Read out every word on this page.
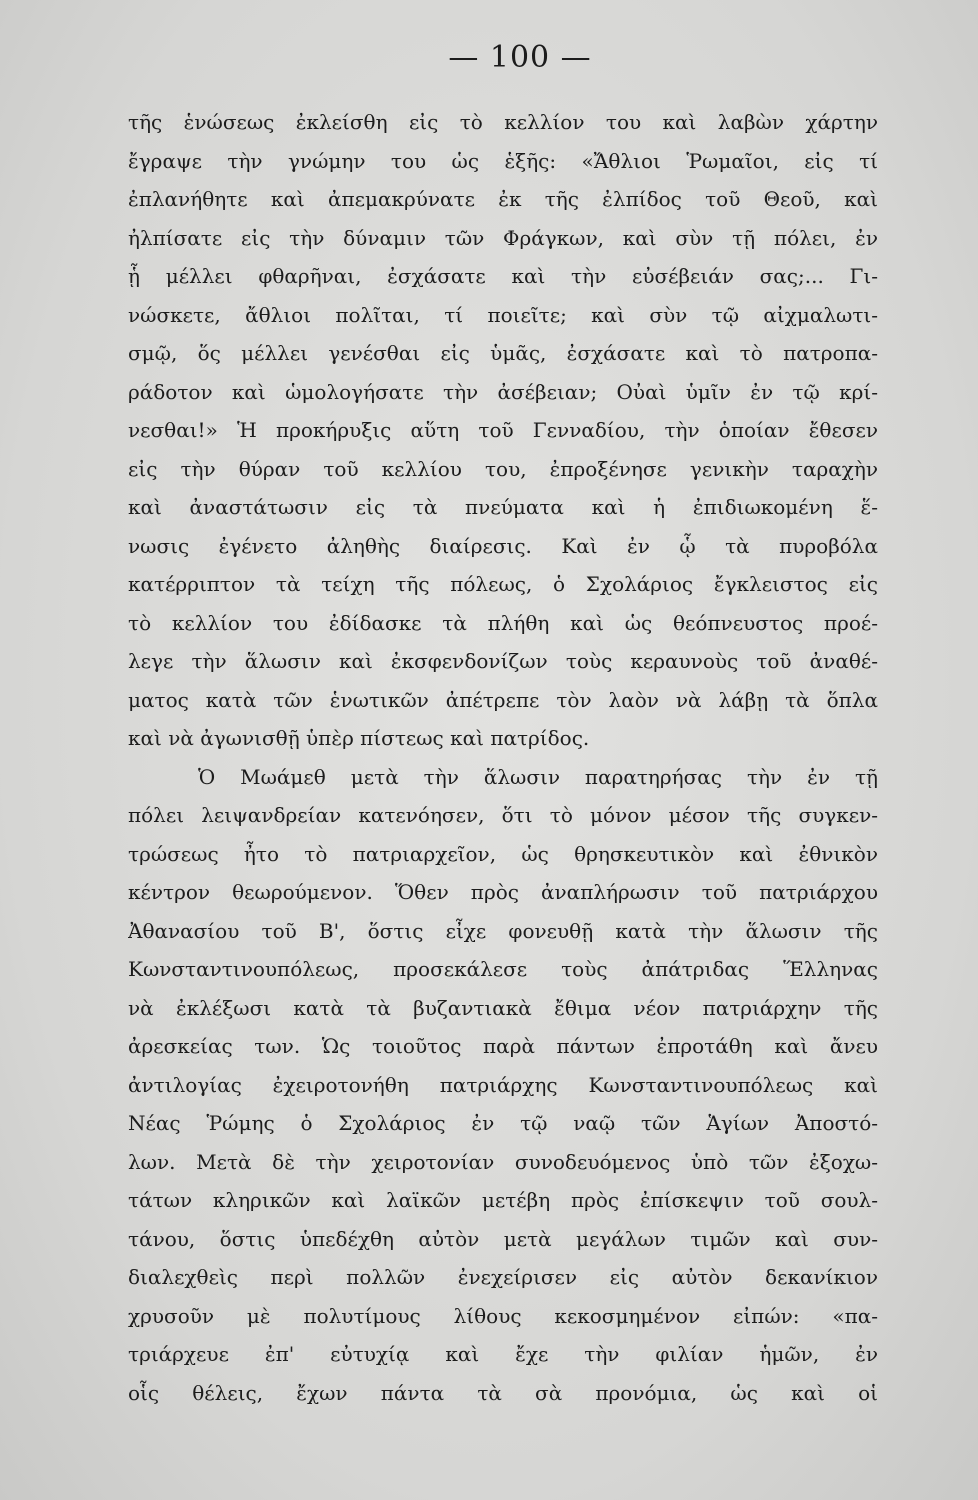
— 100 —
τῆς ἑνώσεως ἐκλείσθη εἰς τὸ κελλίον του καὶ λαβὼν χάρτην
ἔγραψε τὴν γνώμην του ὡς ἑξῆς: «Ἄθλιοι Ῥωμαῖοι, εἰς τί
ἐπλανήθητε καὶ ἀπεμακρύνατε ἐκ τῆς ἐλπίδος τοῦ Θεοῦ, καὶ
ἠλπίσατε εἰς τὴν δύναμιν τῶν Φράγκων, καὶ σὺν τῇ πόλει, ἐν
ᾗ μέλλει φθαρῆναι, ἐσχάσατε καὶ τὴν εὐσέβειάν σας;... Γι-
νώσκετε, ἄθλιοι πολῖται, τί ποιεῖτε; καὶ σὺν τῷ αἰχμαλωτι-
σμῷ, ὅς μέλλει γενέσθαι εἰς ὑμᾶς, ἐσχάσατε καὶ τὸ πατροπα-
ράδοτον καὶ ὡμολογήσατε τὴν ἀσέβειαν; Οὐαὶ ὑμῖν ἐν τῷ κρί-
νεσθαι!» Ἡ προκήρυξις αὕτη τοῦ Γενναδίου, τὴν ὁποίαν ἔθεσεν
εἰς τὴν θύραν τοῦ κελλίου του, ἐπροξένησε γενικὴν ταραχὴν
καὶ ἀναστάτωσιν εἰς τὰ πνεύματα καὶ ἡ ἐπιδιωκομένη ἕ-
νωσις ἐγένετο ἀληθὴς διαίρεσις. Καὶ ἐν ᾧ τὰ πυροβόλα
κατέρριπτον τὰ τείχη τῆς πόλεως, ὁ Σχολάριος ἔγκλειστος εἰς
τὸ κελλίον του ἐδίδασκε τὰ πλήθη καὶ ὡς θεόπνευστος προέ-
λεγε τὴν ἅλωσιν καὶ ἐκσφενδονίζων τοὺς κεραυνοὺς τοῦ ἀναθέ-
ματος κατὰ τῶν ἑνωτικῶν ἀπέτρεπε τὸν λαὸν νὰ λάβῃ τὰ ὅπλα
καὶ νὰ ἀγωνισθῇ ὑπὲρ πίστεως καὶ πατρίδος.
Ὁ Μωάμεθ μετὰ τὴν ἅλωσιν παρατηρήσας τὴν ἐν τῇ
πόλει λειψανδρείαν κατενόησεν, ὅτι τὸ μόνον μέσον τῆς συγκεν-
τρώσεως ἦτο τὸ πατριαρχεῖον, ὡς θρησκευτικὸν καὶ ἐθνικὸν
κέντρον θεωρούμενον. Ὅθεν πρὸς ἀναπλήρωσιν τοῦ πατριάρχου
Ἀθανασίου τοῦ Β', ὅστις εἶχε φονευθῇ κατὰ τὴν ἅλωσιν τῆς
Κωνσταντινουπόλεως, προσεκάλεσε τοὺς ἀπάτριδας Ἕλληνας
νὰ ἐκλέξωσι κατὰ τὰ βυζαντιακὰ ἔθιμα νέον πατριάρχην τῆς
ἀρεσκείας των. Ὡς τοιοῦτος παρὰ πάντων ἐπροτάθη καὶ ἄνευ
ἀντιλογίας ἐχειροτονήθη πατριάρχης Κωνσταντινουπόλεως καὶ
Νέας Ῥώμης ὁ Σχολάριος ἐν τῷ ναῷ τῶν Ἁγίων Ἀποστό-
λων. Μετὰ δὲ τὴν χειροτονίαν συνοδευόμενος ὑπὸ τῶν ἐξοχω-
τάτων κληρικῶν καὶ λαϊκῶν μετέβη πρὸς ἐπίσκεψιν τοῦ σουλ-
τάνου, ὅστις ὑπεδέχθη αὐτὸν μετὰ μεγάλων τιμῶν καὶ συν-
διαλεχθεὶς περὶ πολλῶν ἐνεχείρισεν εἰς αὐτὸν δεκανίκιον
χρυσοῦν μὲ πολυτίμους λίθους κεκοσμημένον εἰπών: «πα-
τριάρχευε ἐπ' εὐτυχίᾳ καὶ ἔχε τὴν φιλίαν ἡμῶν, ἐν
οἷς θέλεις, ἔχων πάντα τὰ σὰ προνόμια, ὡς καὶ οἱ
